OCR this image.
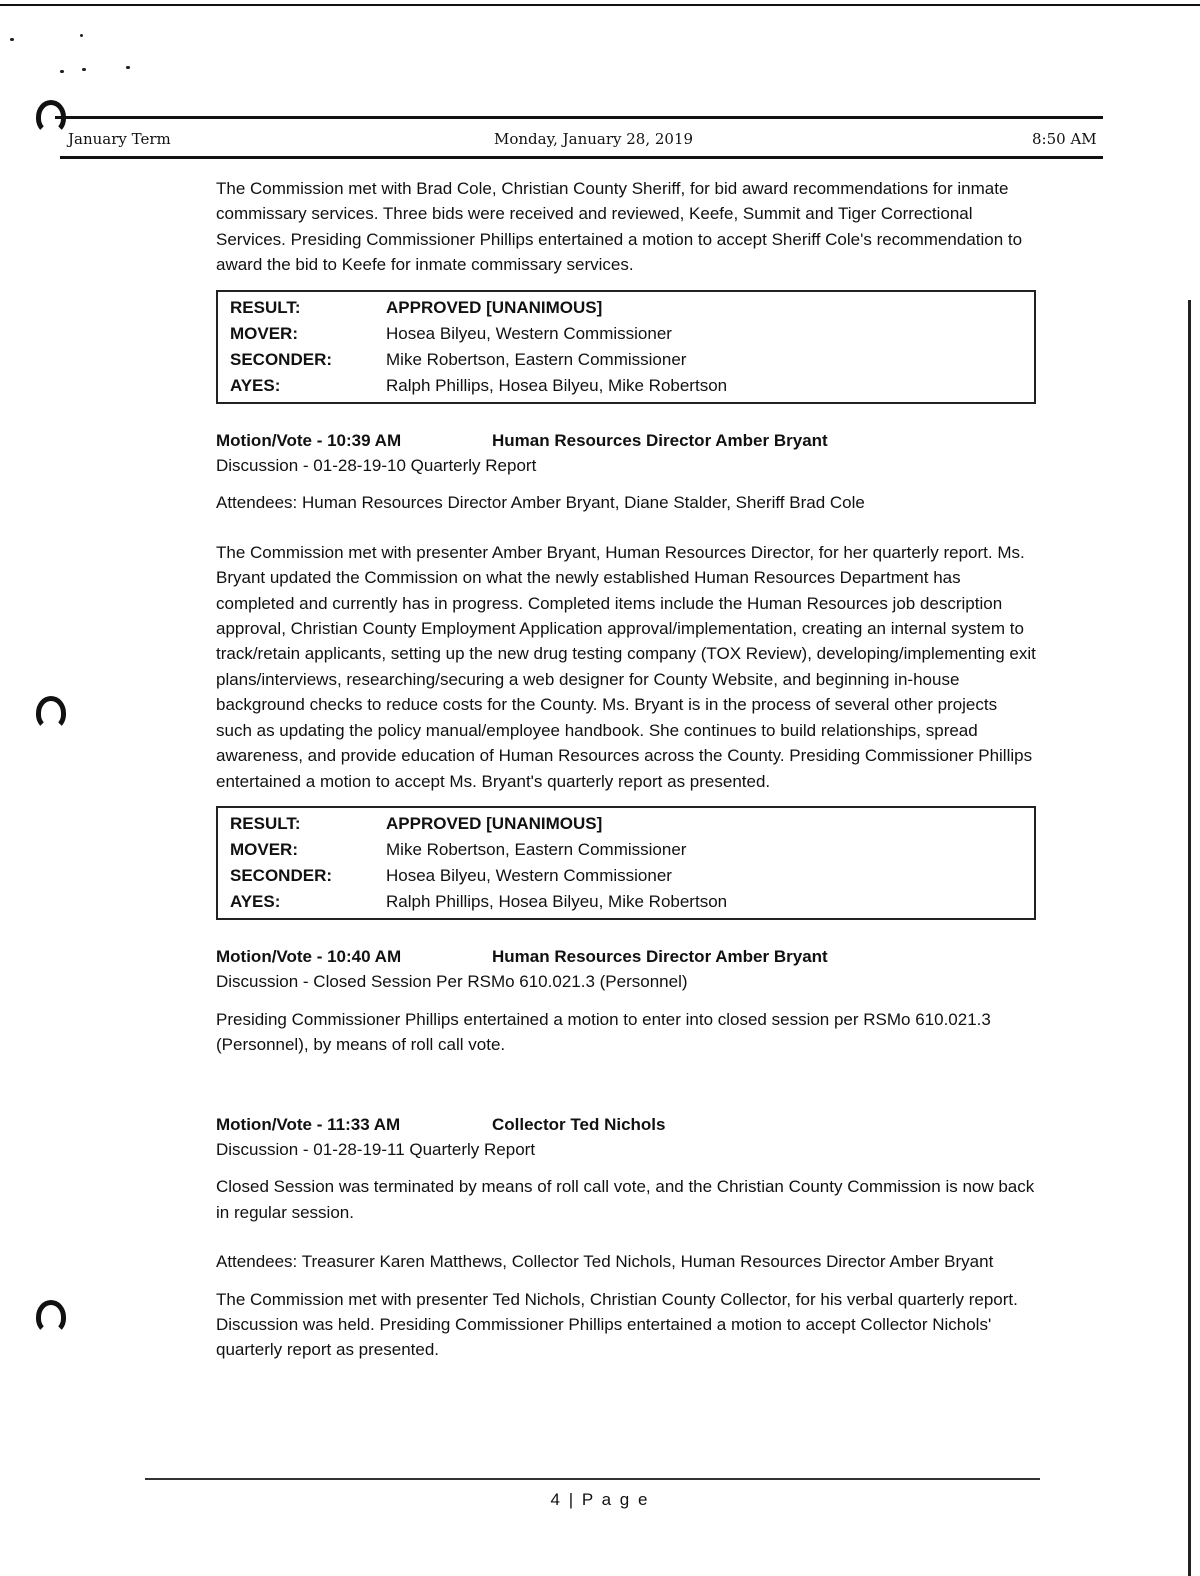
January Term	Monday, January 28, 2019	8:50 AM

The Commission met with Brad Cole, Christian County Sheriff, for bid award recommendations for inmate commissary services. Three bids were received and reviewed, Keefe, Summit and Tiger Correctional Services. Presiding Commissioner Phillips entertained a motion to accept Sheriff Cole's recommendation to award the bid to Keefe for inmate commissary services.

RESULT:	APPROVED [UNANIMOUS]
MOVER:	Hosea Bilyeu, Western Commissioner
SECONDER:	Mike Robertson, Eastern Commissioner
AYES:	Ralph Phillips, Hosea Bilyeu, Mike Robertson
Motion/Vote - 10:39 AM	Human Resources Director Amber Bryant

Discussion - 01-28-19-10 Quarterly Report

Attendees: Human Resources Director Amber Bryant, Diane Stalder, Sheriff Brad Cole

The Commission met with presenter Amber Bryant, Human Resources Director, for her quarterly report. Ms. Bryant updated the Commission on what the newly established Human Resources Department has completed and currently has in progress. Completed items include the Human Resources job description approval, Christian County Employment Application approval/implementation, creating an internal system to track/retain applicants, setting up the new drug testing company (TOX Review), developing/implementing exit plans/interviews, researching/securing a web designer for County Website, and beginning in-house background checks to reduce costs for the County. Ms. Bryant is in the process of several other projects such as updating the policy manual/employee handbook. She continues to build relationships, spread awareness, and provide education of Human Resources across the County. Presiding Commissioner Phillips entertained a motion to accept Ms. Bryant's quarterly report as presented.

RESULT:	APPROVED [UNANIMOUS]
MOVER:	Mike Robertson, Eastern Commissioner
SECONDER:	Hosea Bilyeu, Western Commissioner
AYES:	Ralph Phillips, Hosea Bilyeu, Mike Robertson
Motion/Vote - 10:40 AM	Human Resources Director Amber Bryant

Discussion - Closed Session Per RSMo 610.021.3 (Personnel)

Presiding Commissioner Phillips entertained a motion to enter into closed session per RSMo 610.021.3 (Personnel), by means of roll call vote.

Motion/Vote - 11:33 AM	Collector Ted Nichols

Discussion - 01-28-19-11 Quarterly Report

Closed Session was terminated by means of roll call vote, and the Christian County Commission is now back in regular session.

Attendees: Treasurer Karen Matthews, Collector Ted Nichols, Human Resources Director Amber Bryant

The Commission met with presenter Ted Nichols, Christian County Collector, for his verbal quarterly report. Discussion was held. Presiding Commissioner Phillips entertained a motion to accept Collector Nichols' quarterly report as presented.

4 | P a g e
